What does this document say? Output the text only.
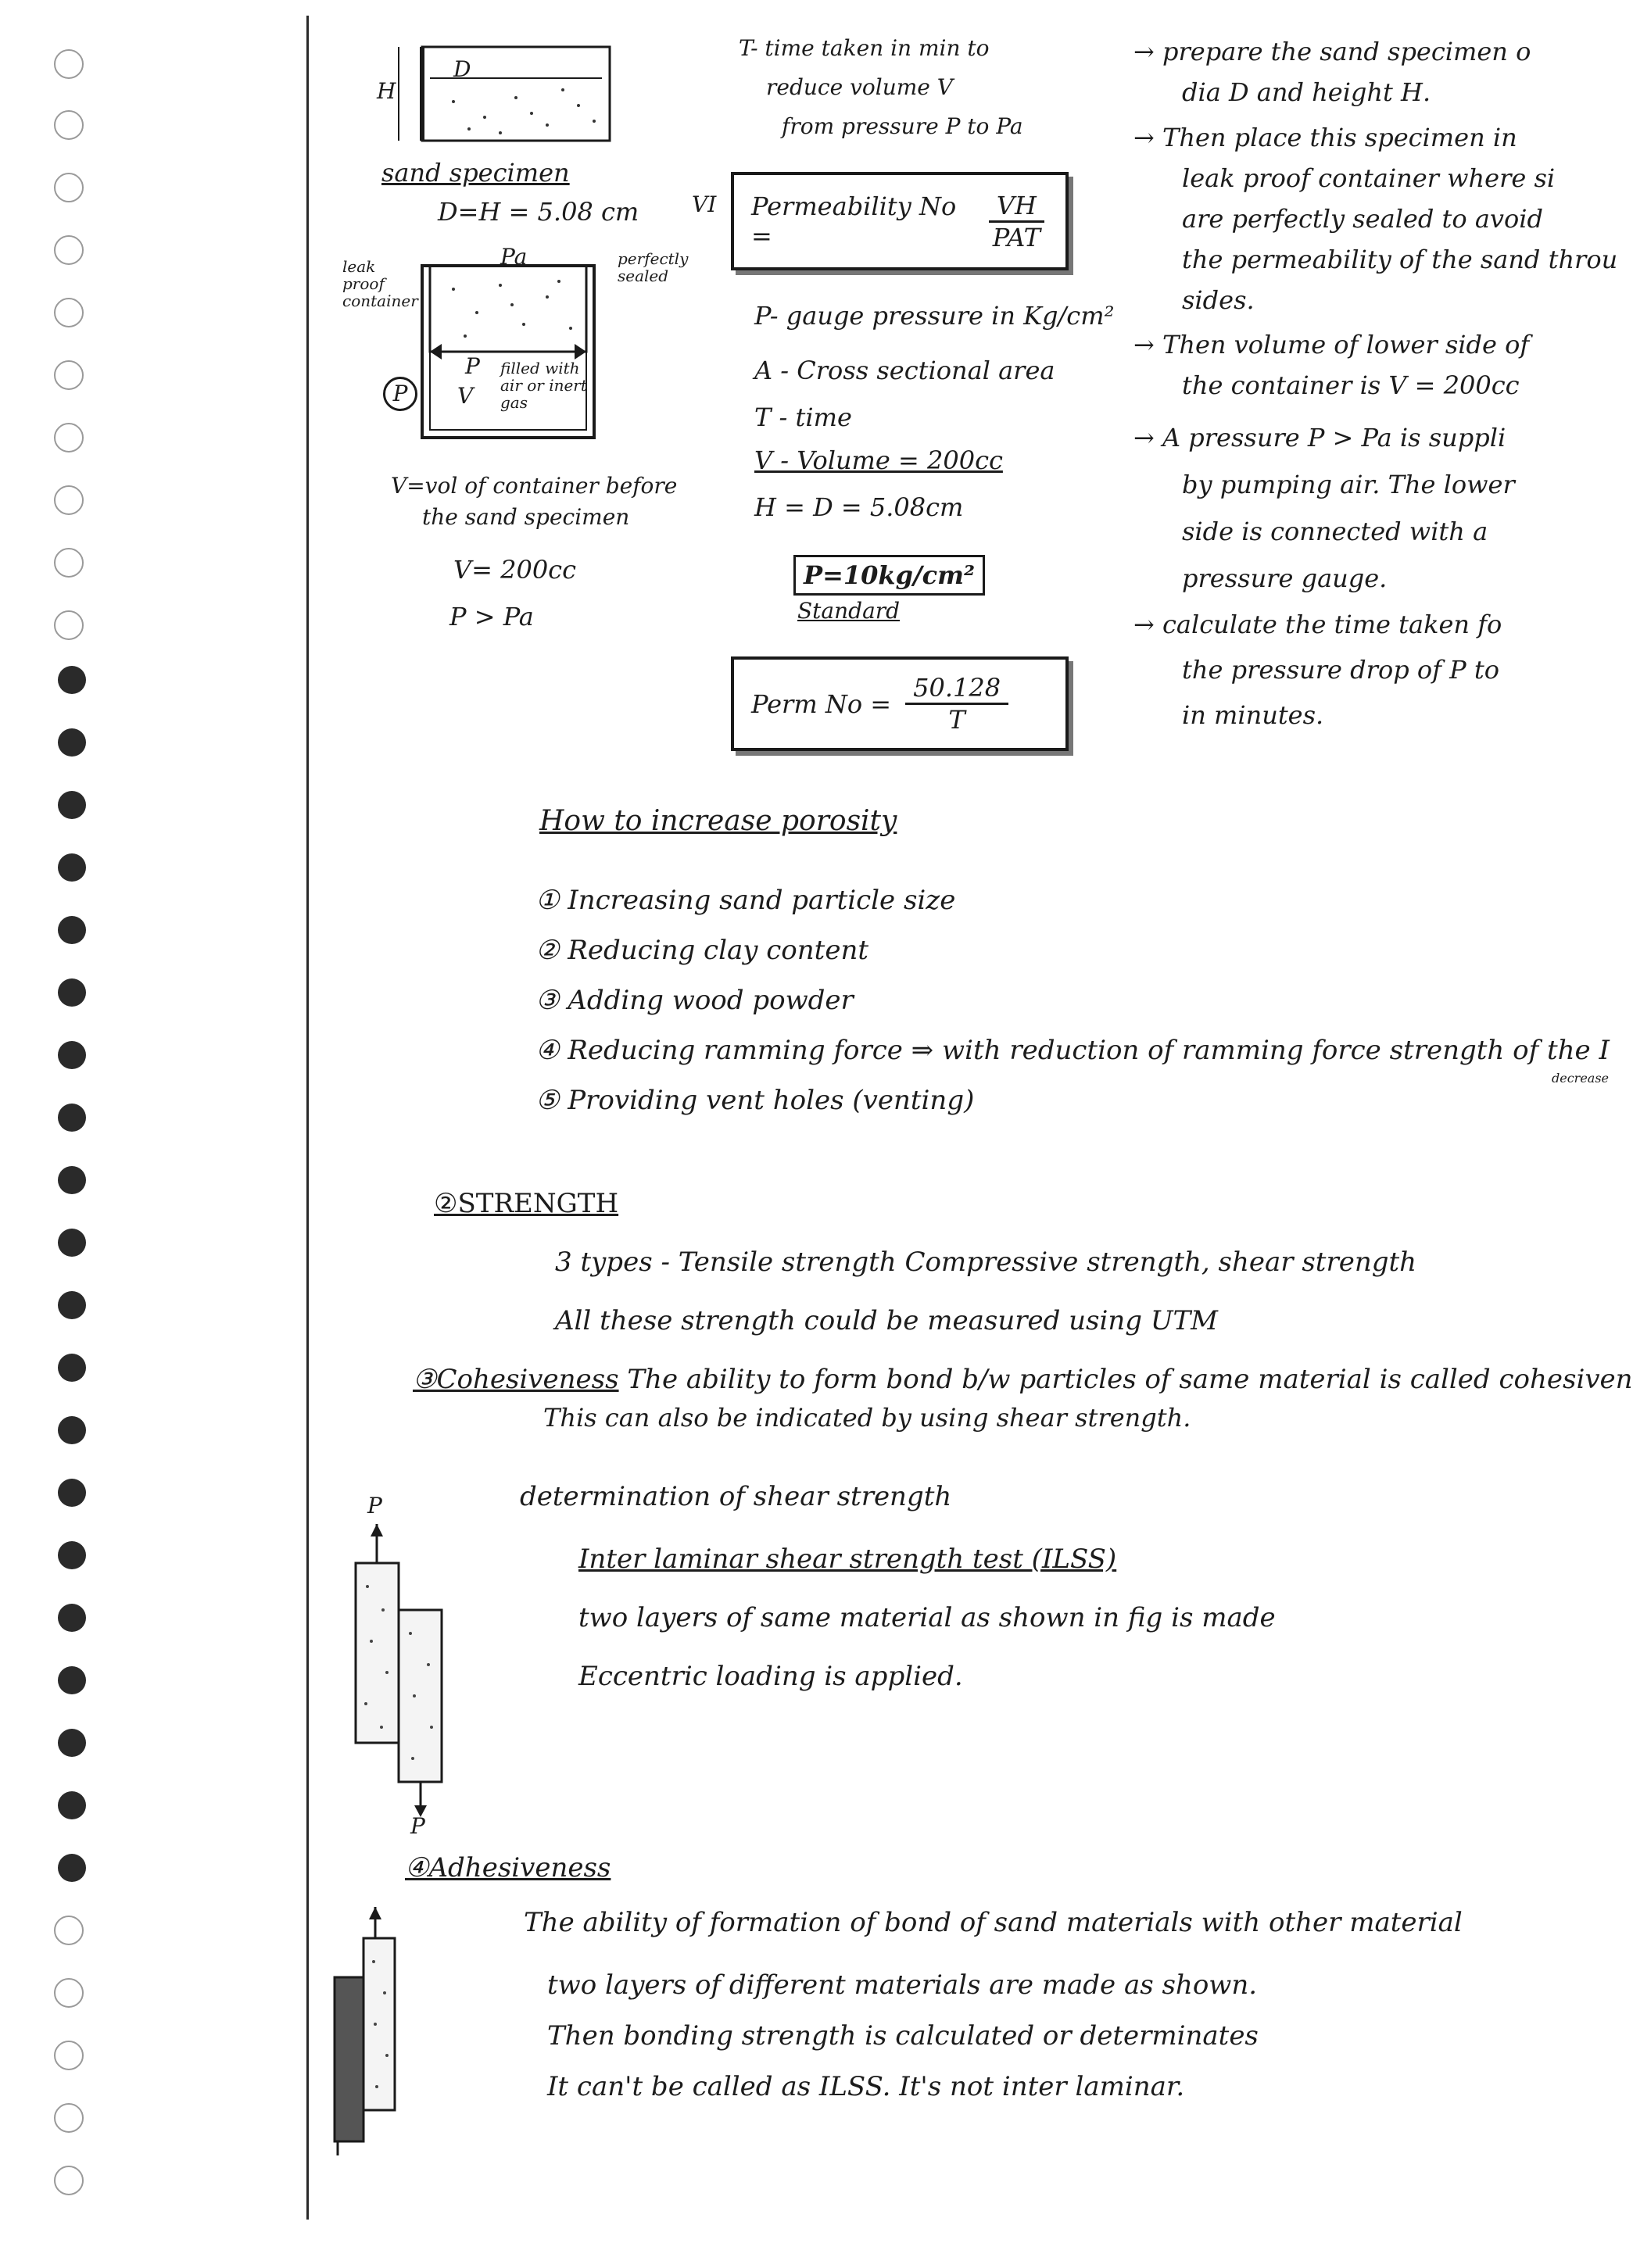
D
H
sand specimen
D=H = 5.08 cm
Pa
leak proof container
perfectly sealed
P
V
filled with air or inert gas
P
V=vol of container before
the sand specimen
V= 200cc
P > Pa
T- time taken in min to
reduce volume V
from pressure P to Pa
VI Permeability No =	$\frac{VH}{\text{PAT}}$
P- gauge pressure in Kg/cm²
A - Cross sectional area
T - time
V - Volume = 200cc
H = D = 5.08cm
P=10kg/cm²
Standard
Perm $No = \frac{50.128}{T}$
→ prepare the sand specimen o
dia D and height H.
→ Then place this specimen in
leak proof container where si
are perfectly sealed to avoid
the permeability of the sand throu
sides.
→ Then volume of lower side of
the container is V = 200cc
→ A pressure P > Pa is suppli
by pumping air. The lower
side is connected with a
pressure gauge.
→ calculate the time taken fo
the pressure drop of P to
in minutes.
How to increase porosity
① Increasing sand particle size
② Reducing clay content
③ Adding wood powder
④ Reducing ramming force ⇒ with reduction of ramming force strength of the I
⑤ Providing vent holes (venting)
decrease
②STRENGTH
3 types - Tensile strength Compressive strength, shear strength
All these strength could be measured using UTM
③Cohesiveness The ability to form bond b/w particles of same material is called cohesiven
This can also be indicated by using shear strength.
determination of shear strength
Inter laminar shear strength test (ILSS)
two layers of same material as shown in fig is made
Eccentric loading is applied.
P
P
④Adhesiveness
The ability of formation of bond of sand materials with other material
two layers of different materials are made as shown.
Then bonding strength is calculated or determinates
It can't be called as ILSS. It's not inter laminar.
